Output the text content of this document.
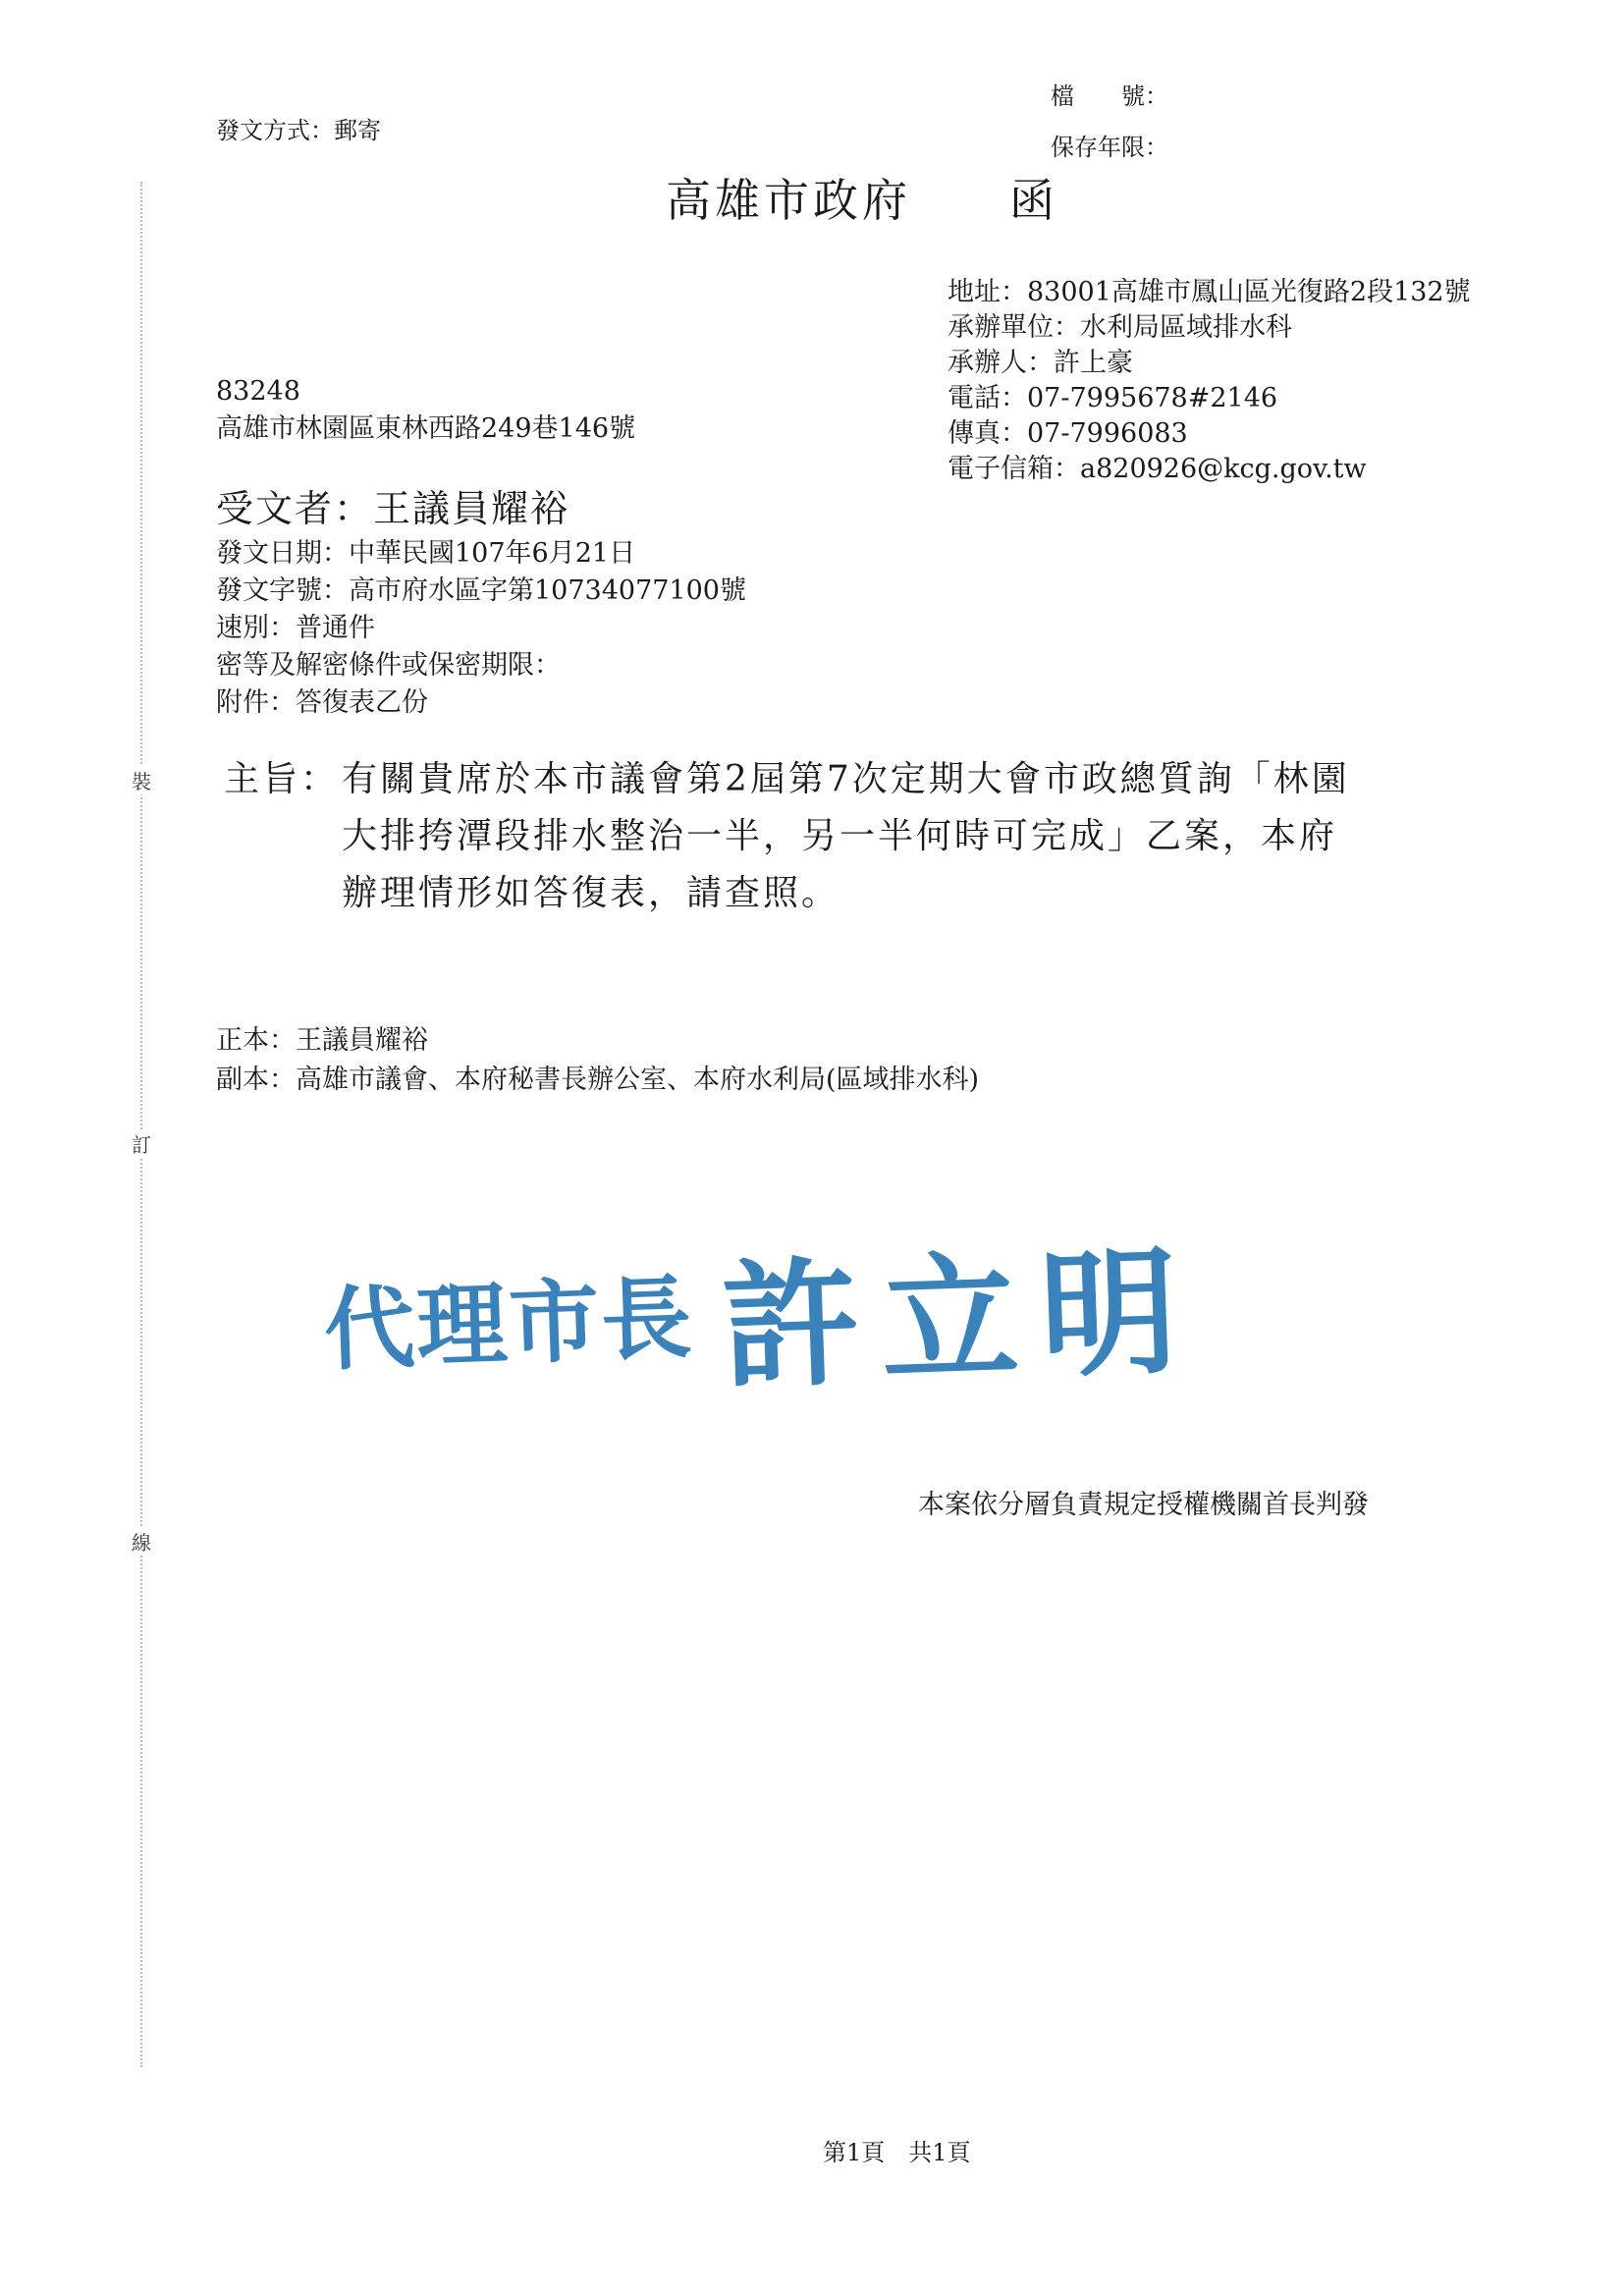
裝
訂
線
檔　　號：
發文方式：郵寄
保存年限：
高雄市政府　　函
地址：83001高雄市鳳山區光復路2段132號
承辦單位：水利局區域排水科
承辦人：許上豪
電話：07-7995678#2146
傳真：07-7996083
電子信箱：a820926@kcg.gov.tw
83248
高雄市林園區東林西路249巷146號
受文者：王議員耀裕
發文日期：中華民國107年6月21日
發文字號：高市府水區字第10734077100號
速別：普通件
密等及解密條件或保密期限：
附件：答復表乙份
主旨： 有關貴席於本市議會第2屆第7次定期大會市政總質詢「林園
大排挎潭段排水整治一半，另一半何時可完成」乙案，本府
辦理情形如答復表，請查照。
正本：王議員耀裕
副本：高雄市議會、本府秘書長辦公室、本府水利局(區域排水科)
代理市長 許立明
本案依分層負責規定授權機關首長判發
第1頁　共1頁
